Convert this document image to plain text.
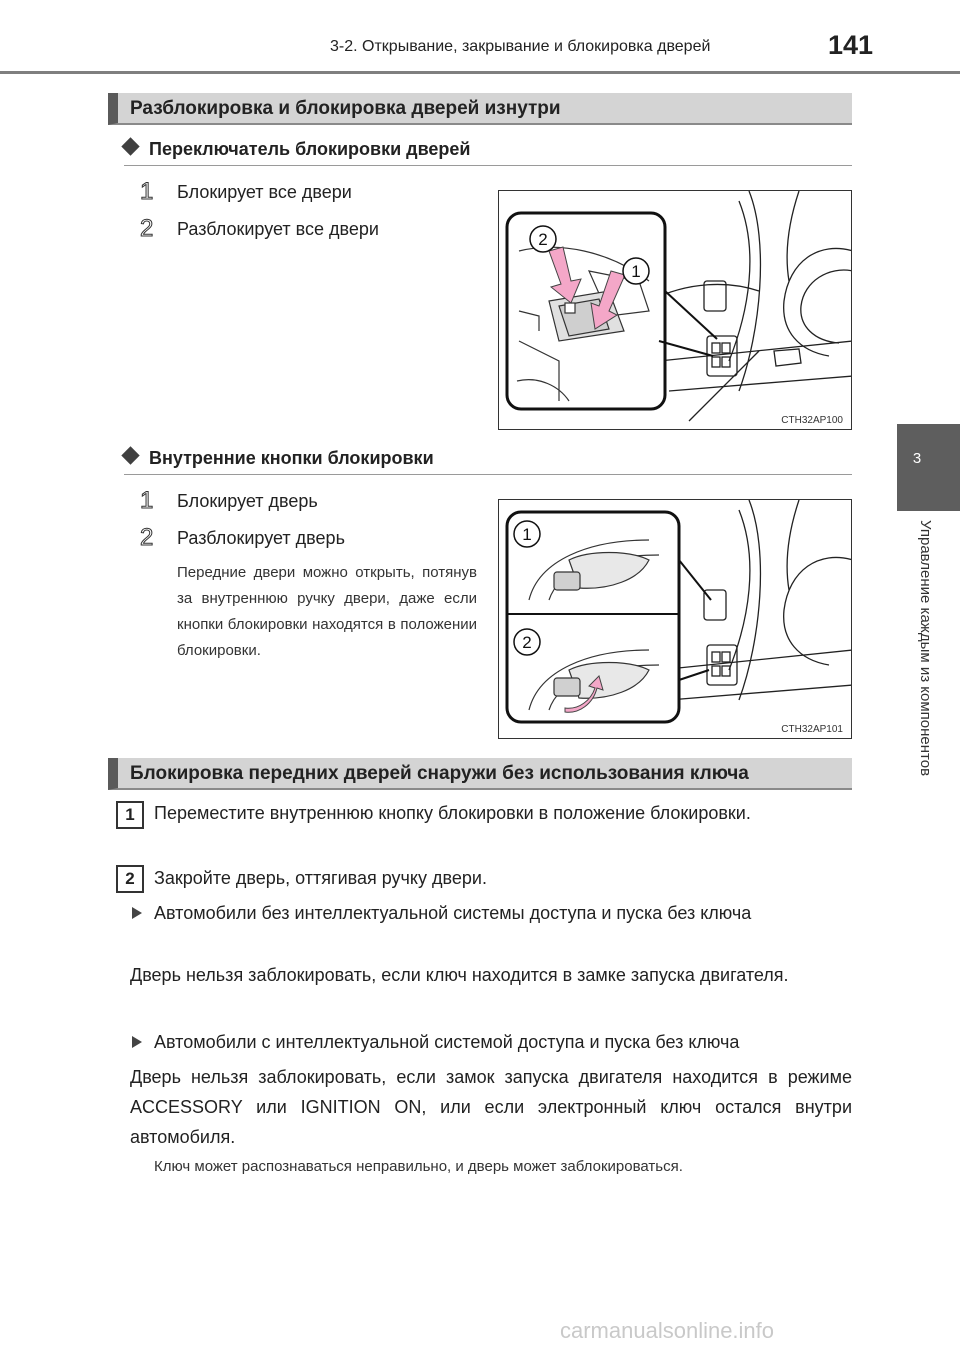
3-2. Открывание, закрывание и блокировка дверей	141
3
Управление каждым из компонентов
Разблокировка и блокировка дверей изнутри
Переключатель блокировки дверей
1	Блокирует все двери
2	Разблокирует все двери
2
1
CTH32AP100
Внутренние кнопки блокировки
1	Блокирует дверь
2	Разблокирует дверь
Передние двери можно открыть, потянув за внутреннюю ручку двери, даже если кнопки блокировки находятся в положении блокировки.
1
2
CTH32AP101
Блокировка передних дверей снаружи без использования ключа
1	Переместите внутреннюю кнопку блокировки в положение блокировки.
2	Закройте дверь, оттягивая ручку двери.
Автомобили без интеллектуальной системы доступа и пуска без ключа
Дверь нельзя заблокировать, если ключ находится в замке запуска двигателя.
Автомобили с интеллектуальной системой доступа и пуска без ключа
Дверь нельзя заблокировать, если замок запуска двигателя находится в режиме ACCESSORY или IGNITION ON, или если электронный ключ остался внутри автомобиля.
Ключ может распознаваться неправильно, и дверь может заблокироваться.
carmanualsonline.info
